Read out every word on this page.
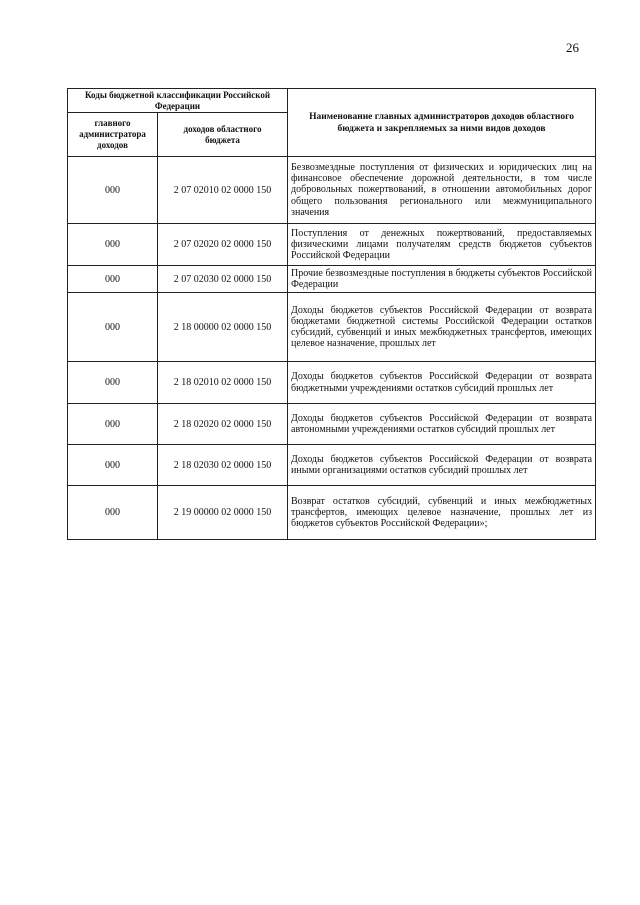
26
Коды бюджетной классификации Российской Федерации		Наименование главных администраторов доходов областного бюджета и закрепляемых за ними видов доходов
главного администратора доходов	доходов областного бюджета	
000	2 07 02010 02 0000 150	Безвозмездные поступления от физических и юридических лиц на финансовое обеспечение дорожной деятельности, в том числе добровольных пожертвований, в отношении автомобильных дорог общего пользования регионального или межмуниципального значения
000	2 07 02020 02 0000 150	Поступления от денежных пожертвований, предоставляемых физическими лицами получателям средств бюджетов субъектов Российской Федерации
000	2 07 02030 02 0000 150	Прочие безвозмездные поступления в бюджеты субъектов Российской Федерации
000	2 18 00000 02 0000 150	Доходы бюджетов субъектов Российской Федерации от возврата бюджетами бюджетной системы Российской Федерации остатков субсидий, субвенций и иных межбюджетных трансфертов, имеющих целевое назначение, прошлых лет
000	2 18 02010 02 0000 150	Доходы бюджетов субъектов Российской Федерации от возврата бюджетными учреждениями остатков субсидий прошлых лет
000	2 18 02020 02 0000 150	Доходы бюджетов субъектов Российской Федерации от возврата автономными учреждениями остатков субсидий прошлых лет
000	2 18 02030 02 0000 150	Доходы бюджетов субъектов Российской Федерации от возврата иными организациями остатков субсидий прошлых лет
000	2 19 00000 02 0000 150	Возврат остатков субсидий, субвенций и иных межбюджетных трансфертов, имеющих целевое назначение, прошлых лет из бюджетов субъектов Российской Федерации»;
